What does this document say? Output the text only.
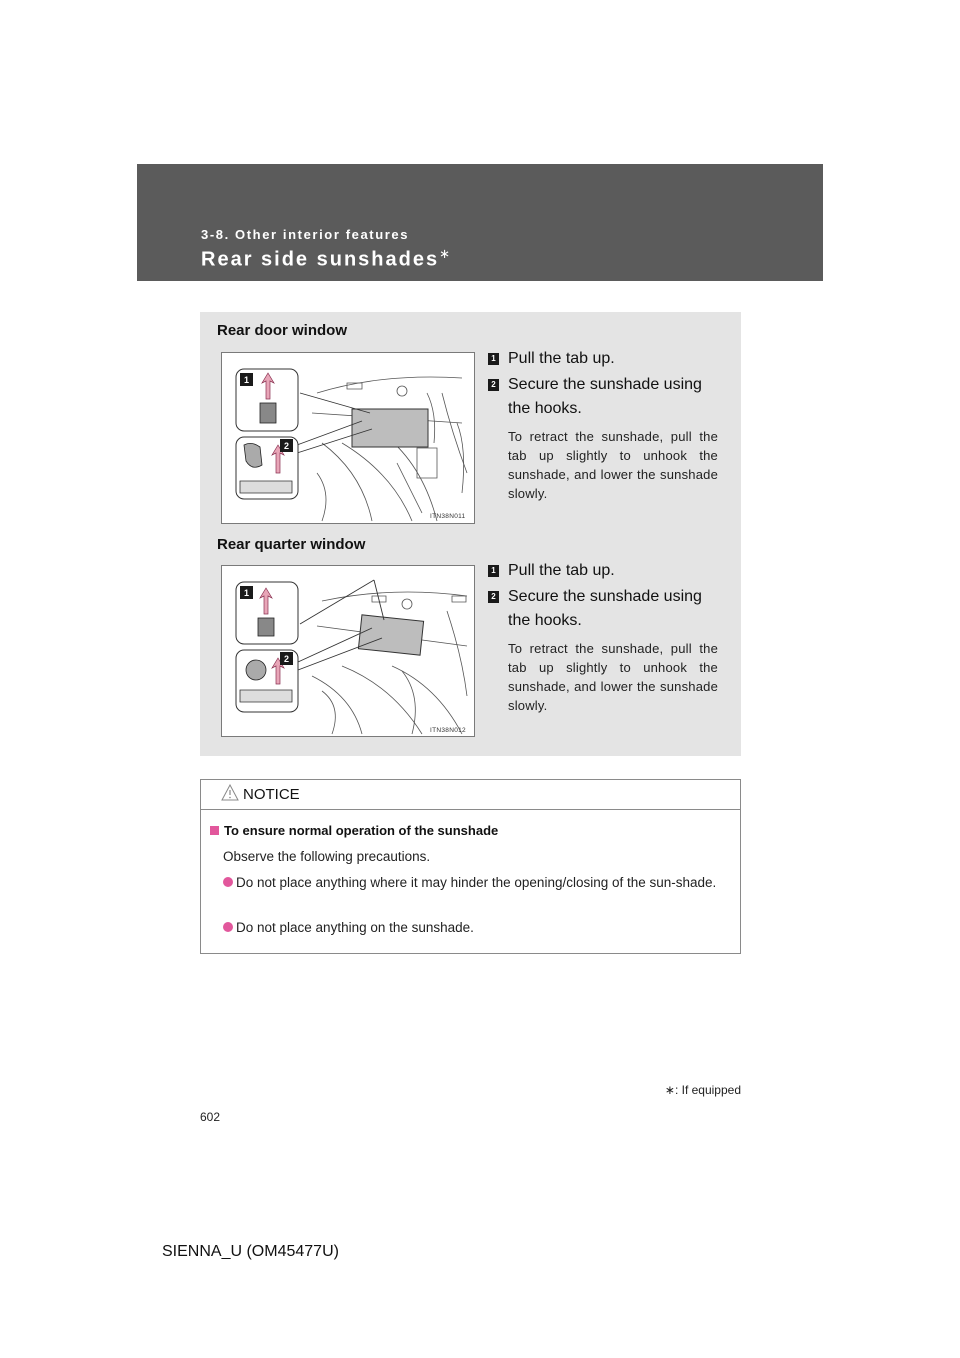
3-8. Other interior features
Rear side sunshades∗
Rear door window
1
2
ITN38N011
1 Pull the tab up.
2 Secure the sunshade using the hooks.
To retract the sunshade, pull the tab up slightly to unhook the sunshade, and lower the sunshade slowly.
Rear quarter window
1
2
ITN38N012
1 Pull the tab up.
2 Secure the sunshade using the hooks.
To retract the sunshade, pull the tab up slightly to unhook the sunshade, and lower the sunshade slowly.
NOTICE
To ensure normal operation of the sunshade
Observe the following precautions.
Do not place anything where it may hinder the opening/closing of the sun-shade.
Do not place anything on the sunshade.
∗: If equipped
602
SIENNA_U (OM45477U)
